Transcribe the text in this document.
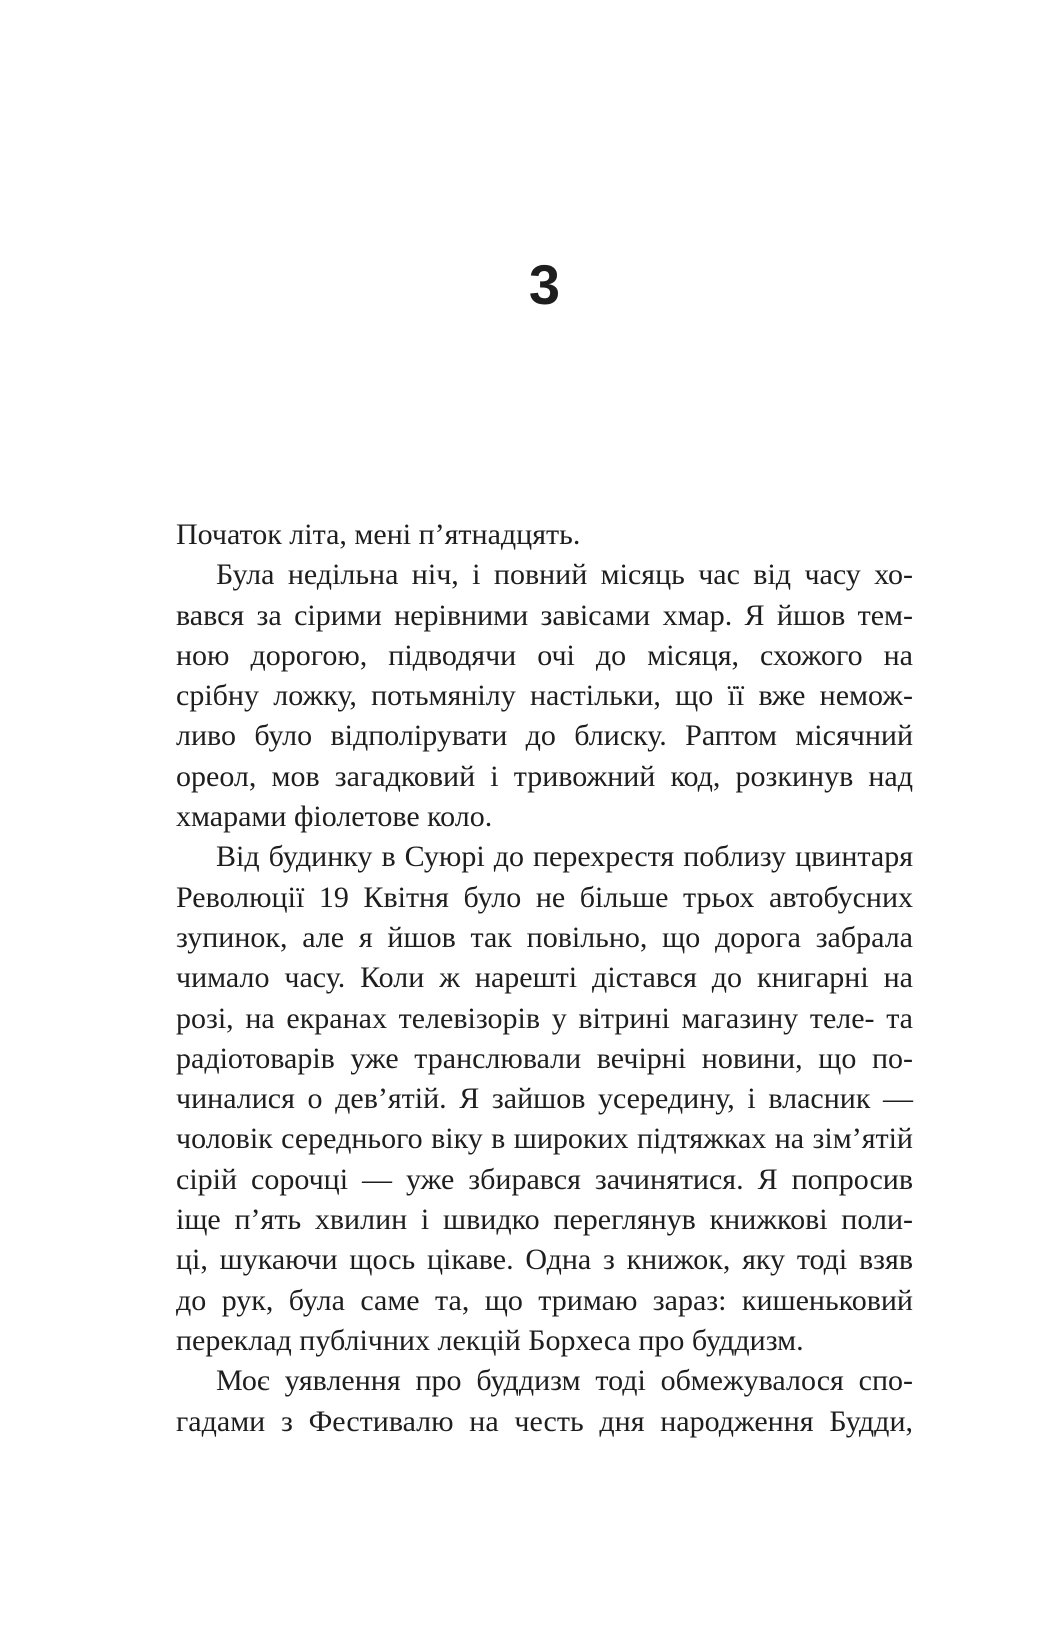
3
Початок літа, мені п’ятнадцять.
Була недільна ніч, і повний місяць час від часу хо-
вався за сірими нерівними завісами хмар. Я йшов тем-
ною дорогою, підводячи очі до місяця, схожого на
срібну ложку, потьмянілу настільки, що її вже немож-
ливо було відполірувати до блиску. Раптом місячний
ореол, мов загадковий і тривожний код, розкинув над
хмарами фіолетове коло.
Від будинку в Суюрі до перехрестя поблизу цвинтаря
Революції 19 Квітня було не більше трьох автобусних
зупинок, але я йшов так повільно, що дорога забрала
чимало часу. Коли ж нарешті дістався до книгарні на
розі, на екранах телевізорів у вітрині магазину теле- та
радіотоварів уже транслювали вечірні новини, що по-
чиналися о дев’ятій. Я зайшов усередину, і власник —
чоловік середнього віку в широких підтяжках на зім’ятій
сірій сорочці — уже збирався зачинятися. Я попросив
іще п’ять хвилин і швидко переглянув книжкові поли-
ці, шукаючи щось цікаве. Одна з книжок, яку тоді взяв
до рук, була саме та, що тримаю зараз: кишеньковий
переклад публічних лекцій Борхеса про буддизм.
Моє уявлення про буддизм тоді обмежувалося спо-
гадами з Фестивалю на честь дня народження Будди,
